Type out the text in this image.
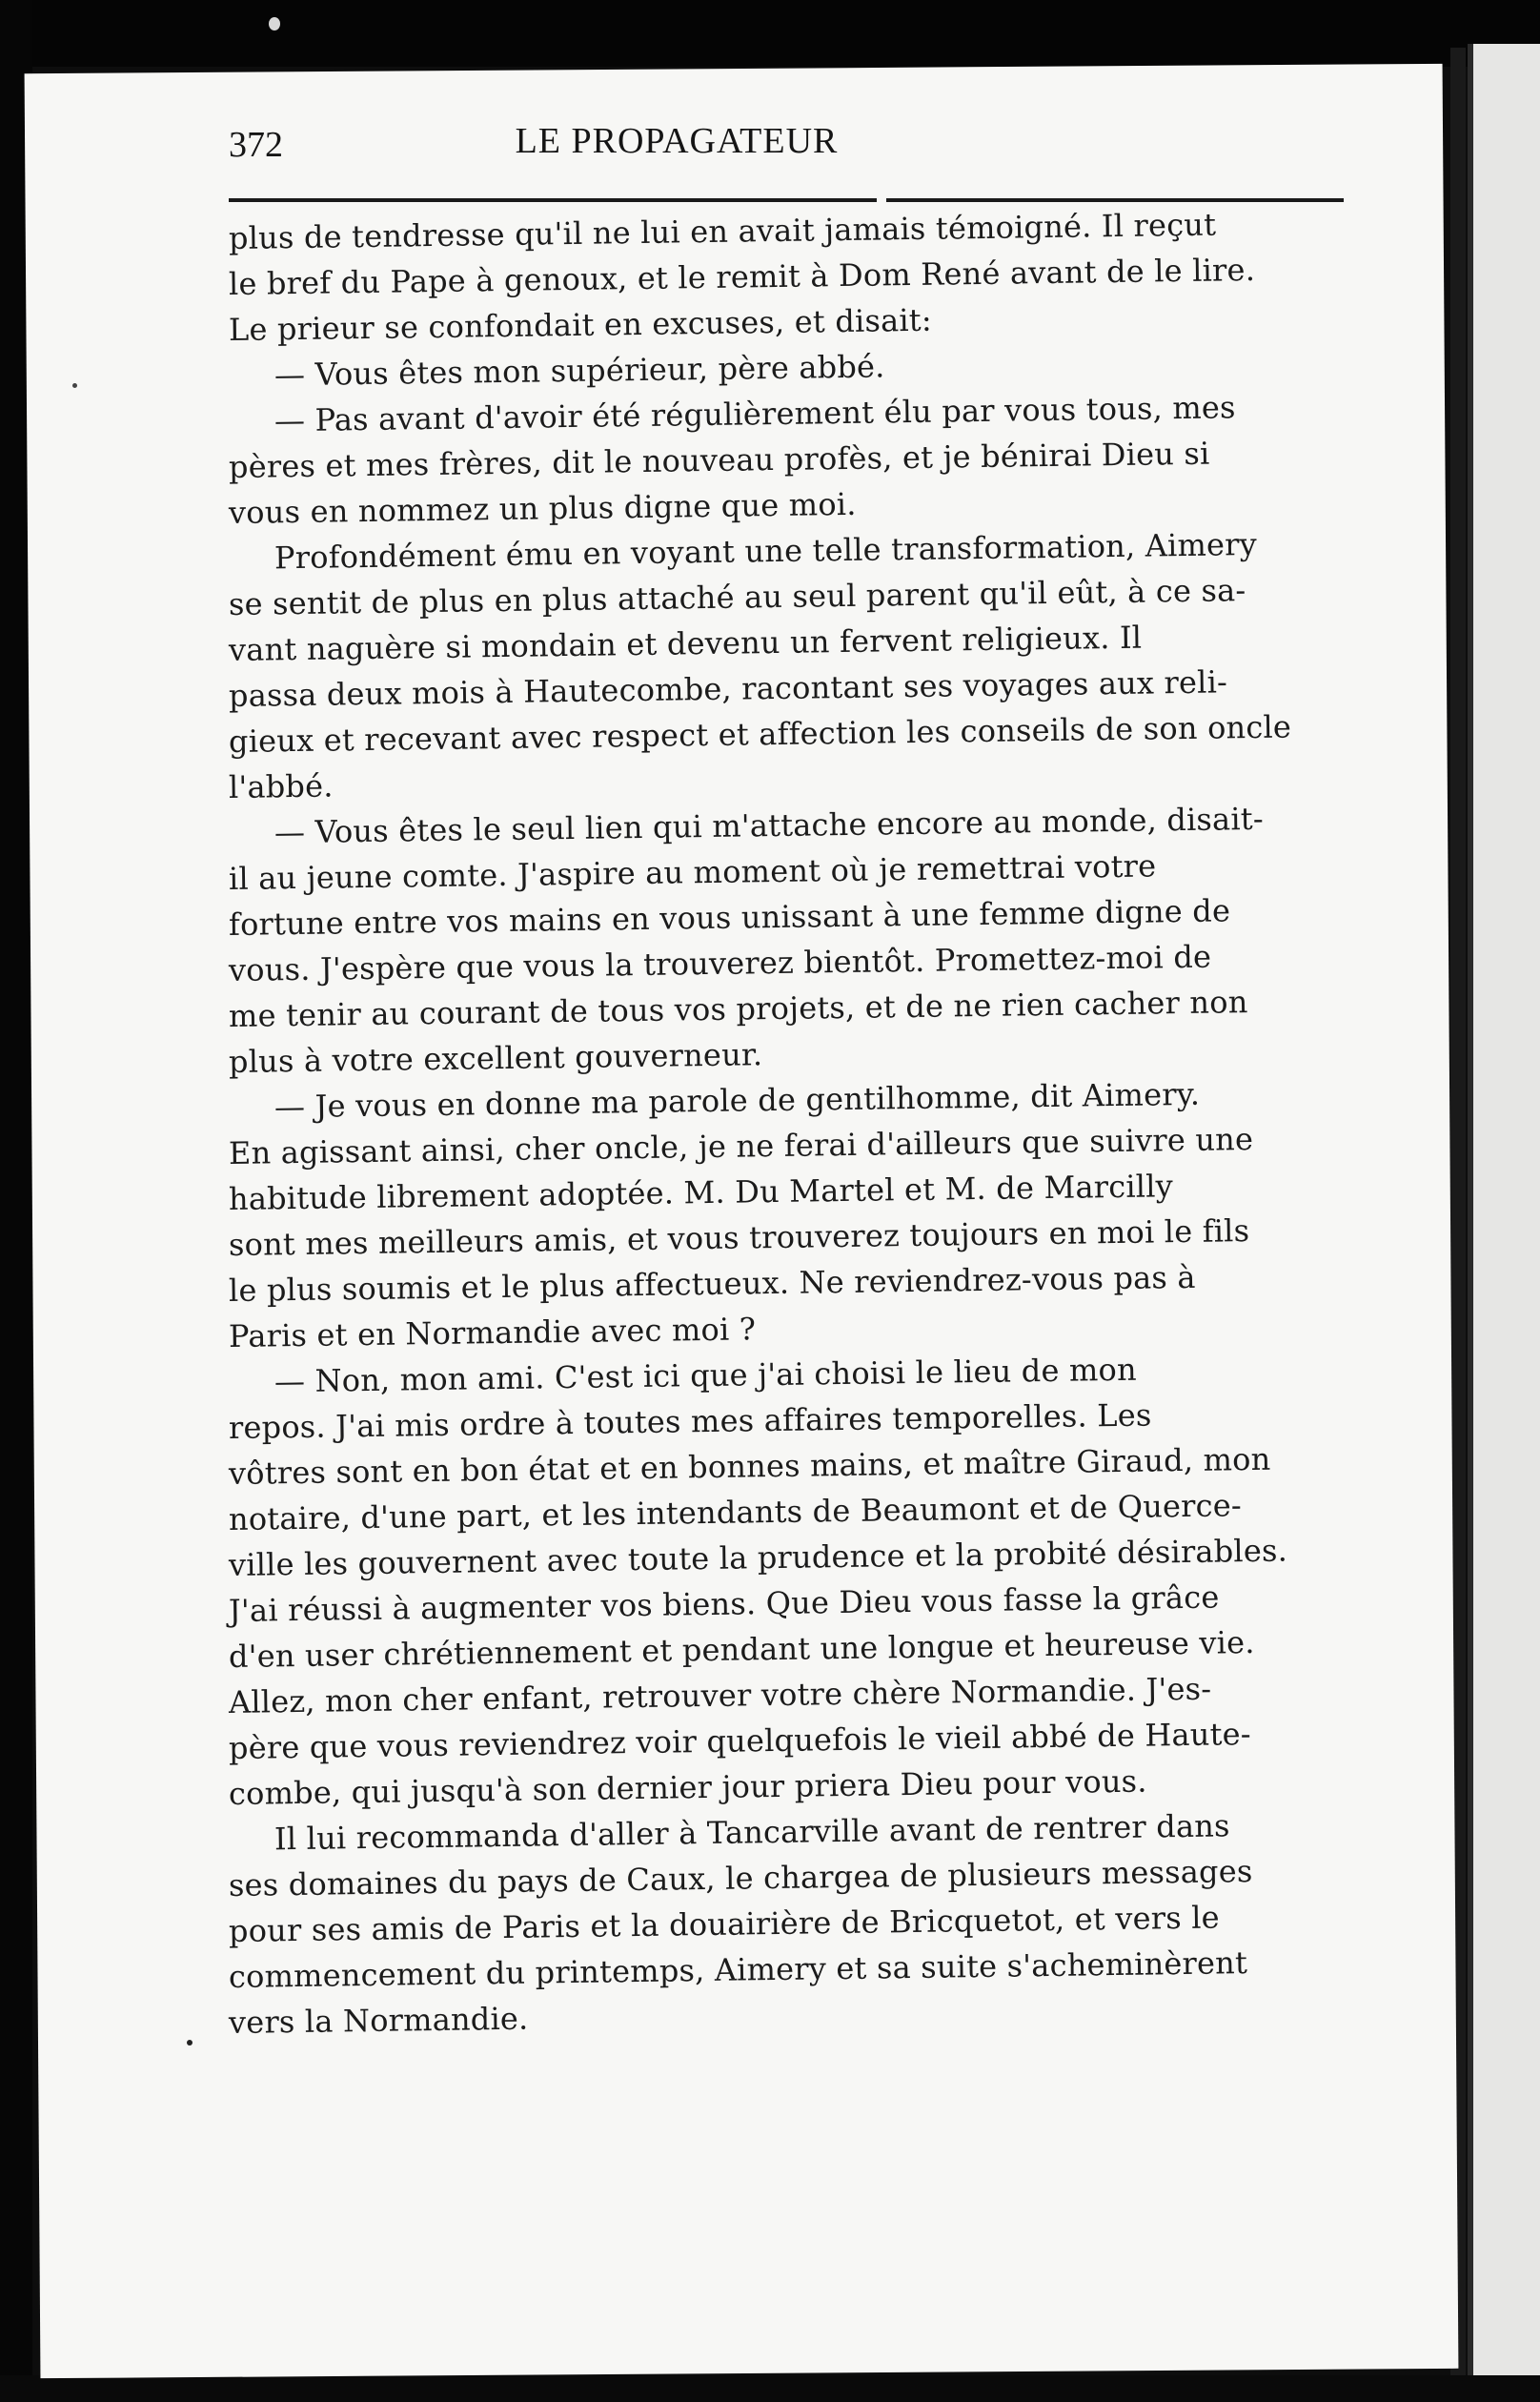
372	LE PROPAGATEUR
plus de tendresse qu'il ne lui en avait jamais témoigné. Il reçut
le bref du Pape à genoux, et le remit à Dom René avant de le lire.
Le prieur se confondait en excuses, et disait:
— Vous êtes mon supérieur, père abbé.
— Pas avant d'avoir été régulièrement élu par vous tous, mes
pères et mes frères, dit le nouveau profès, et je bénirai Dieu si
vous en nommez un plus digne que moi.
Profondément ému en voyant une telle transformation, Aimery
se sentit de plus en plus attaché au seul parent qu'il eût, à ce sa-
vant naguère si mondain et devenu un fervent religieux. Il
passa deux mois à Hautecombe, racontant ses voyages aux reli-
gieux et recevant avec respect et affection les conseils de son oncle
l'abbé.
— Vous êtes le seul lien qui m'attache encore au monde, disait-
il au jeune comte. J'aspire au moment où je remettrai votre
fortune entre vos mains en vous unissant à une femme digne de
vous. J'espère que vous la trouverez bientôt. Promettez-moi de
me tenir au courant de tous vos projets, et de ne rien cacher non
plus à votre excellent gouverneur.
— Je vous en donne ma parole de gentilhomme, dit Aimery.
En agissant ainsi, cher oncle, je ne ferai d'ailleurs que suivre une
habitude librement adoptée. M. Du Martel et M. de Marcilly
sont mes meilleurs amis, et vous trouverez toujours en moi le fils
le plus soumis et le plus affectueux. Ne reviendrez-vous pas à
Paris et en Normandie avec moi ?
— Non, mon ami. C'est ici que j'ai choisi le lieu de mon
repos. J'ai mis ordre à toutes mes affaires temporelles. Les
vôtres sont en bon état et en bonnes mains, et maître Giraud, mon
notaire, d'une part, et les intendants de Beaumont et de Querce-
ville les gouvernent avec toute la prudence et la probité désirables.
J'ai réussi à augmenter vos biens. Que Dieu vous fasse la grâce
d'en user chrétiennement et pendant une longue et heureuse vie.
Allez, mon cher enfant, retrouver votre chère Normandie. J'es-
père que vous reviendrez voir quelquefois le vieil abbé de Haute-
combe, qui jusqu'à son dernier jour priera Dieu pour vous.
Il lui recommanda d'aller à Tancarville avant de rentrer dans
ses domaines du pays de Caux, le chargea de plusieurs messages
pour ses amis de Paris et la douairière de Bricquetot, et vers le
commencement du printemps, Aimery et sa suite s'acheminèrent
vers la Normandie.
